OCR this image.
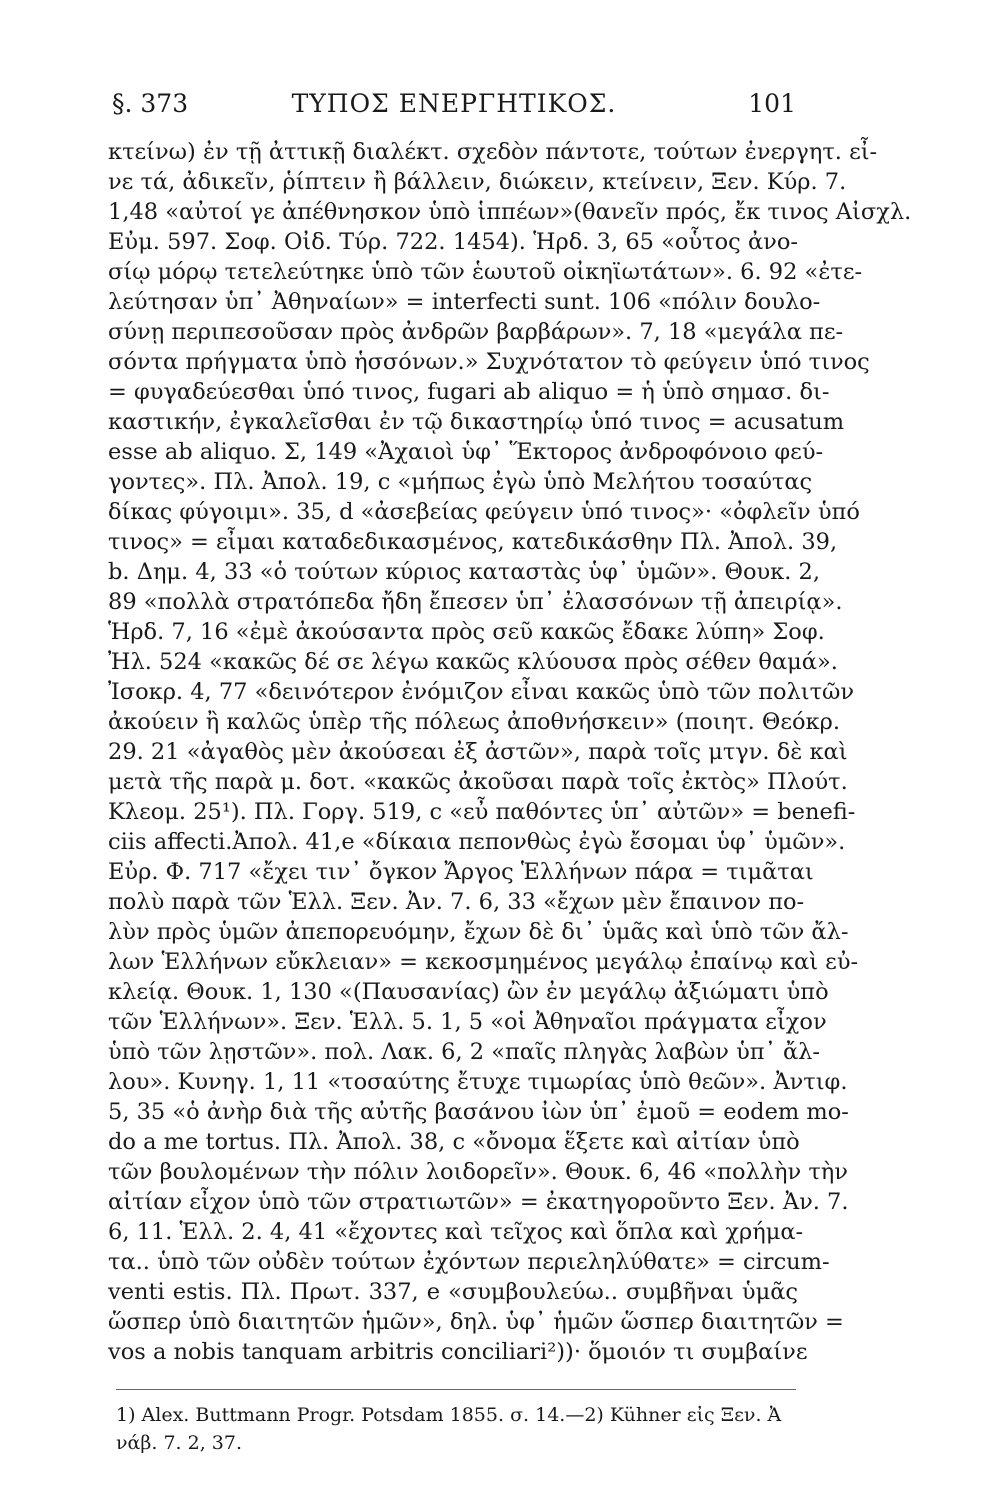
§. 373	ΤΥΠΟΣ ΕΝΕΡΓΗΤΙΚΟΣ.	101
κτείνω) ἐν τῇ ἀττικῇ διαλέκτ. σχεδὸν πάντοτε, τούτων ἐνεργητ. εἶ-
νε τά, ἀδικεῖν, ῥίπτειν ἢ βάλλειν, διώκειν, κτείνειν, Ξεν. Κύρ. 7.
1,48 «αὐτοί γε ἀπέθνησκον ὑπὸ ἱππέων»(θανεῖν πρός, ἔκ τινος Αἰσχλ.
Εὐμ. 597. Σοφ. Οἰδ. Τύρ. 722. 1454). Ἡρδ. 3, 65 «οὗτος ἀνο-
σίῳ μόρῳ τετελεύτηκε ὑπὸ τῶν ἑωυτοῦ οἰκηϊωτάτων». 6. 92 «ἐτε-
λεύτησαν ὑπ᾽ Ἀθηναίων» = interfecti sunt. 106 «πόλιν δουλο-
σύνῃ περιπεσοῦσαν πρὸς ἀνδρῶν βαρβάρων». 7, 18 «μεγάλα πε-
σόντα πρήγματα ὑπὸ ἡσσόνων.» Συχνότατον τὸ φεύγειν ὑπό τινος
= φυγαδεύεσθαι ὑπό τινος, fugari ab aliquo = ἡ ὑπὸ σημασ. δι-
καστικήν, ἐγκαλεῖσθαι ἐν τῷ δικαστηρίῳ ὑπό τινος = acusatum
esse ab aliquo. Σ, 149 «Ἀχαιοὶ ὑφ᾽ Ἕκτορος ἀνδροφόνοιο φεύ-
γοντες». Πλ. Ἀπολ. 19, c «μήπως ἐγὼ ὑπὸ Μελήτου τοσαύτας
δίκας φύγοιμι». 35, d «ἀσεβείας φεύγειν ὑπό τινος»· «ὀφλεῖν ὑπό
τινος» = εἶμαι καταδεδικασμένος, κατεδικάσθην Πλ. Ἀπολ. 39,
b. Δημ. 4, 33 «ὁ τούτων κύριος καταστὰς ὑφ᾽ ὑμῶν». Θουκ. 2,
89 «πολλὰ στρατόπεδα ἤδη ἔπεσεν ὑπ᾽ ἐλασσόνων τῇ ἀπειρίᾳ».
Ἡρδ. 7, 16 «ἐμὲ ἀκούσαντα πρὸς σεῦ κακῶς ἔδακε λύπη» Σοφ.
Ἠλ. 524 «κακῶς δέ σε λέγω κακῶς κλύουσα πρὸς σέθεν θαμά».
Ἰσοκρ. 4, 77 «δεινότερον ἐνόμιζον εἶναι κακῶς ὑπὸ τῶν πολιτῶν
ἀκούειν ἢ καλῶς ὑπὲρ τῆς πόλεως ἀποθνήσκειν» (ποιητ. Θεόκρ.
29. 21 «ἀγαθὸς μὲν ἀκούσεαι ἐξ ἀστῶν», παρὰ τοῖς μτγν. δὲ καὶ
μετὰ τῆς παρὰ μ. δοτ. «κακῶς ἀκοῦσαι παρὰ τοῖς ἐκτὸς» Πλούτ.
Κλεομ. 25¹). Πλ. Γοργ. 519, c «εὖ παθόντες ὑπ᾽ αὐτῶν» = benefi-
ciis affecti.Ἀπολ. 41,e «δίκαια πεπονθὼς ἐγὼ ἔσομαι ὑφ᾽ ὑμῶν».
Εὐρ. Φ. 717 «ἔχει τιν᾽ ὄγκον Ἄργος Ἑλλήνων πάρα = τιμᾶται
πολὺ παρὰ τῶν Ἑλλ. Ξεν. Ἀν. 7. 6, 33 «ἔχων μὲν ἔπαινον πο-
λὺν πρὸς ὑμῶν ἀπεπορευόμην, ἔχων δὲ δι᾽ ὑμᾶς καὶ ὑπὸ τῶν ἄλ-
λων Ἑλλήνων εὔκλειαν» = κεκοσμημένος μεγάλῳ ἐπαίνῳ καὶ εὐ-
κλείᾳ. Θουκ. 1, 130 «(Παυσανίας) ὢν ἐν μεγάλῳ ἀξιώματι ὑπὸ
τῶν Ἑλλήνων». Ξεν. Ἑλλ. 5. 1, 5 «οἱ Ἀθηναῖοι πράγματα εἶχον
ὑπὸ τῶν λῃστῶν». πολ. Λακ. 6, 2 «παῖς πληγὰς λαβὼν ὑπ᾽ ἄλ-
λου». Κυνηγ. 1, 11 «τοσαύτης ἔτυχε τιμωρίας ὑπὸ θεῶν». Ἀντιφ.
5, 35 «ὁ ἀνὴρ διὰ τῆς αὐτῆς βασάνου ἰὼν ὑπ᾽ ἐμοῦ = eodem mo-
do a me tortus. Πλ. Ἀπολ. 38, c «ὄνομα ἕξετε καὶ αἰτίαν ὑπὸ
τῶν βουλομένων τὴν πόλιν λοιδορεῖν». Θουκ. 6, 46 «πολλὴν τὴν
αἰτίαν εἶχον ὑπὸ τῶν στρατιωτῶν» = ἐκατηγοροῦντο Ξεν. Ἀν. 7.
6, 11. Ἑλλ. 2. 4, 41 «ἔχοντες καὶ τεῖχος καὶ ὅπλα καὶ χρήμα-
τα.. ὑπὸ τῶν οὐδὲν τούτων ἐχόντων περιεληλύθατε» = circum-
venti estis. Πλ. Πρωτ. 337, e «συμβουλεύω.. συμβῆναι ὑμᾶς
ὥσπερ ὑπὸ διαιτητῶν ἡμῶν», δηλ. ὑφ᾽ ἡμῶν ὥσπερ διαιτητῶν =
vos a nobis tanquam arbitris conciliari²))· ὅμοιόν τι συμβαίνε
1) Alex. Buttmann Progr. Potsdam 1855. σ. 14.—2) Kühner εἰς Ξεν. Ἀ
νάβ. 7. 2, 37.
